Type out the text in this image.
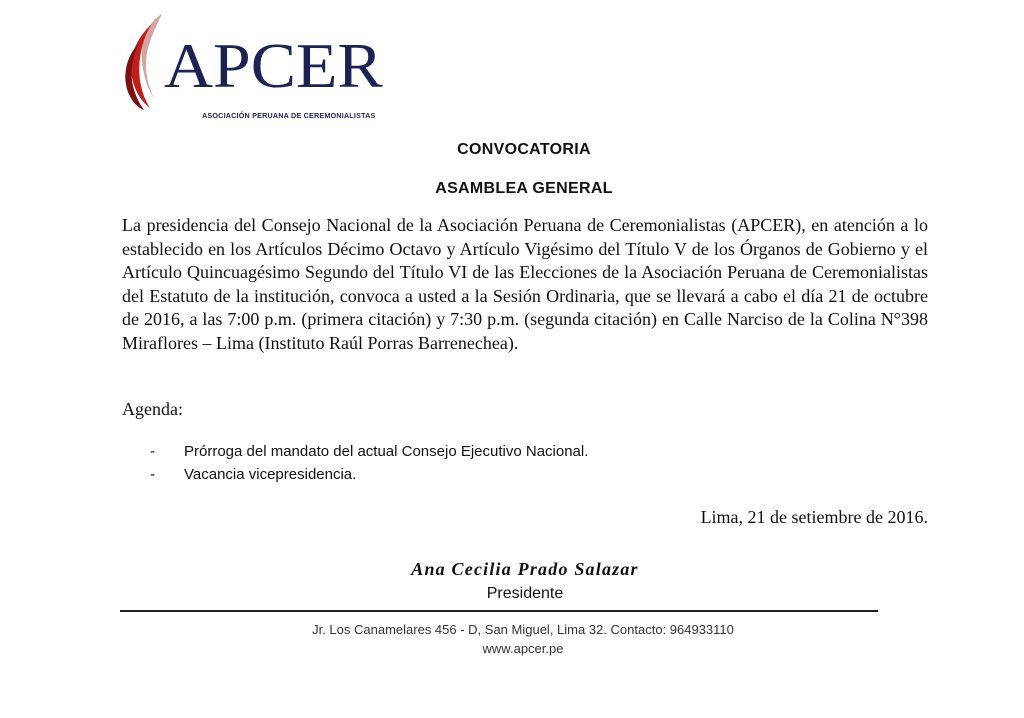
APCER
ASOCIACIÓN PERUANA DE CEREMONIALISTAS
CONVOCATORIA
ASAMBLEA GENERAL

La presidencia del Consejo Nacional de la Asociación Peruana de Ceremonialistas (APCER), en atención a lo establecido en los Artículos Décimo Octavo y Artículo Vigésimo del Título V de los Órganos de Gobierno y el Artículo Quincuagésimo Segundo del Título VI de las Elecciones de la Asociación Peruana de Ceremonialistas del Estatuto de la institución, convoca a usted a la Sesión Ordinaria, que se llevará a cabo el día 21 de octubre de 2016, a las 7:00 p.m. (primera citación) y 7:30 p.m. (segunda citación) en Calle Narciso de la Colina N°398 Miraflores – Lima (Instituto Raúl Porras Barrenechea).

Agenda:
-	Prórroga del mandato del actual Consejo Ejecutivo Nacional.
-	Vacancia vicepresidencia.
Lima, 21 de setiembre de 2016.
Ana Cecilia Prado Salazar
Presidente
Jr. Los Canamelares 456 - D, San Miguel, Lima 32. Contacto: 964933110
www.apcer.pe
